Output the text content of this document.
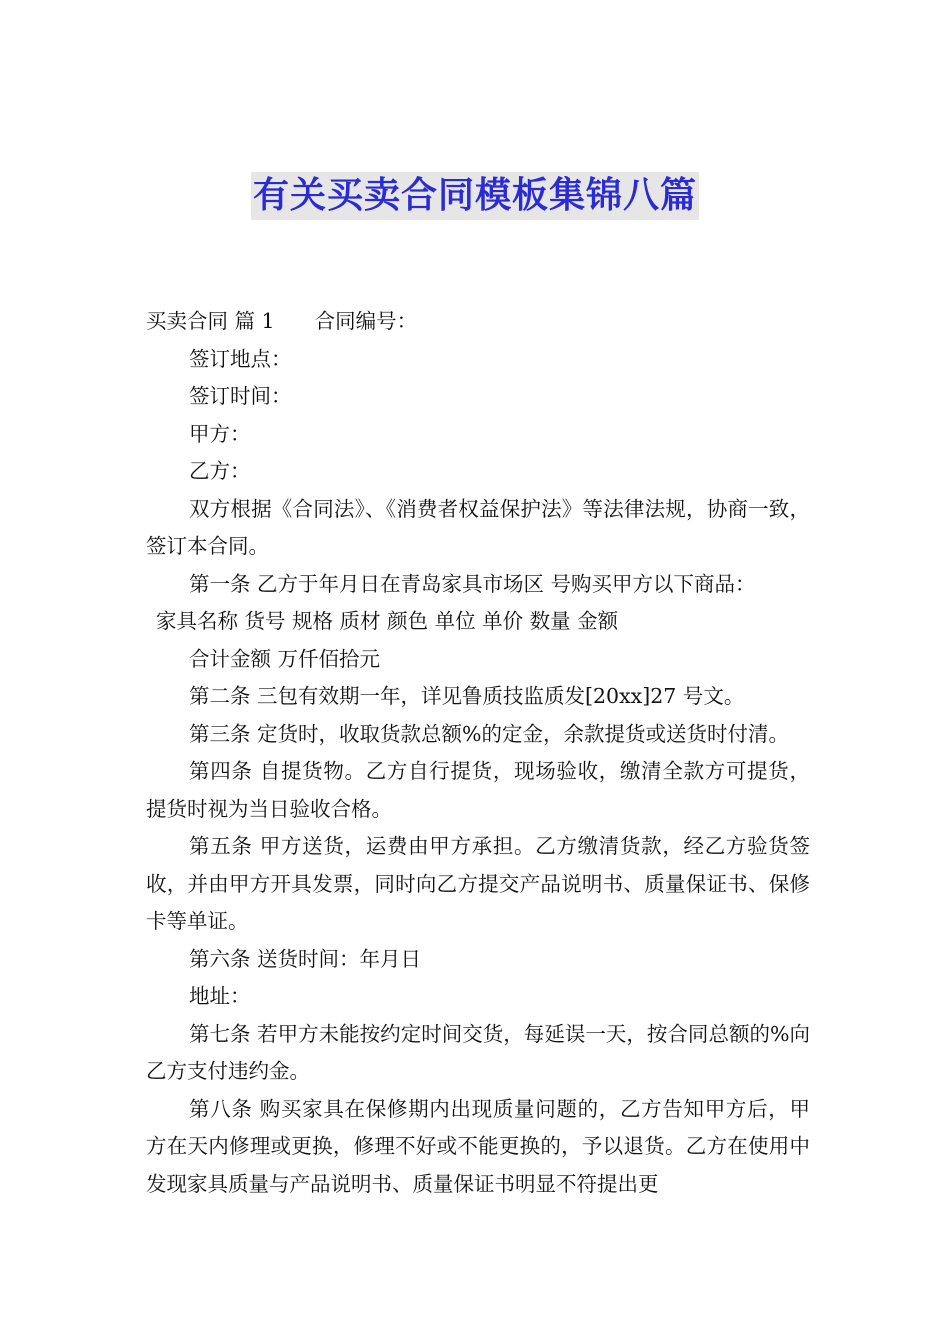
有关买卖合同模板集锦八篇

买卖合同 篇 1 合同编号：

签订地点：

签订时间：

甲方：

乙方：

双方根据《合同法》、《消费者权益保护法》等法律法规，协商一致，签订本合同。

第一条 乙方于年月日在青岛家具市场区 号购买甲方以下商品：

家具名称 货号 规格 质材 颜色 单位 单价 数量 金额

合计金额 万仟佰拾元

第二条 三包有效期一年，详见鲁质技监质发[20xx]27 号文。

第三条 定货时，收取货款总额%的定金，余款提货或送货时付清。

第四条 自提货物。乙方自行提货，现场验收，缴清全款方可提货，提货时视为当日验收合格。

第五条 甲方送货，运费由甲方承担。乙方缴清货款，经乙方验货签收，并由甲方开具发票，同时向乙方提交产品说明书、质量保证书、保修卡等单证。

第六条 送货时间：年月日

地址：

第七条 若甲方未能按约定时间交货，每延误一天，按合同总额的%向乙方支付违约金。

第八条 购买家具在保修期内出现质量问题的，乙方告知甲方后，甲方在天内修理或更换，修理不好或不能更换的，予以退货。乙方在使用中发现家具质量与产品说明书、质量保证书明显不符提出更
